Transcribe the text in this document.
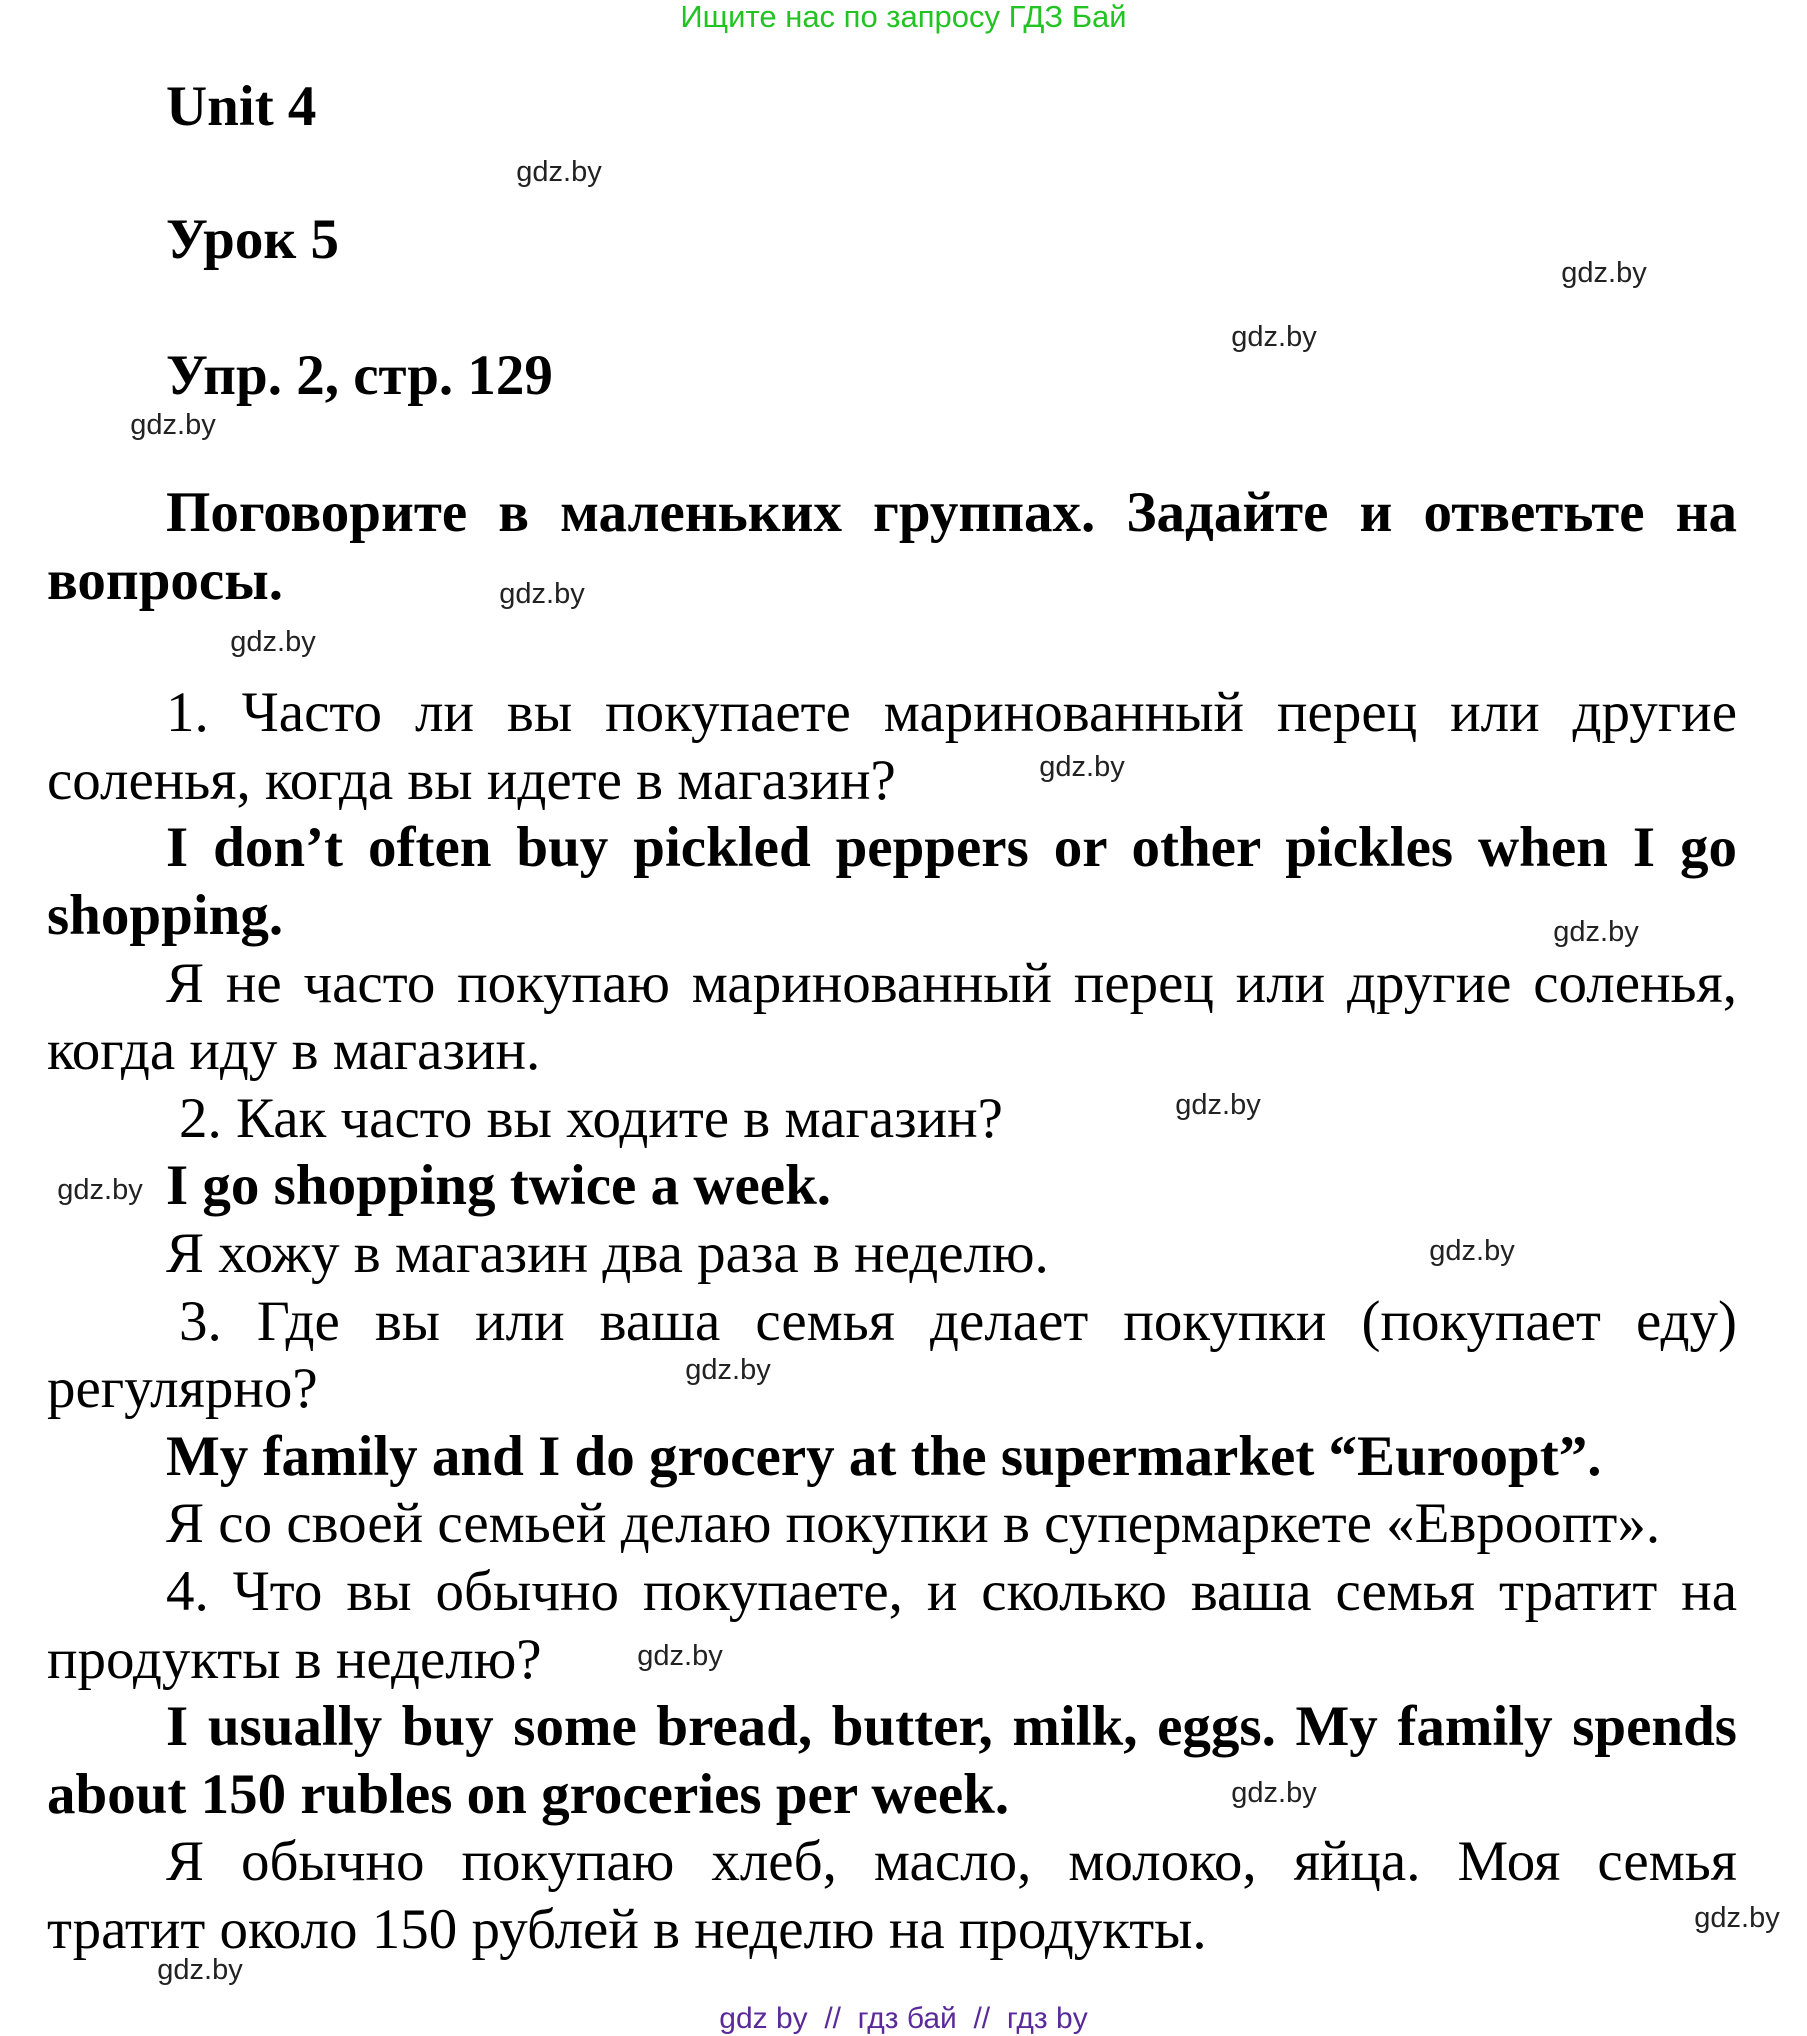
Ищите нас по запросу ГДЗ Бай
Unit 4
Урок 5
Упр. 2, стр. 129
Поговорите в маленьких группах. Задайте и ответьте на
вопросы.
1. Часто ли вы покупаете маринованный перец или другие
соленья, когда вы идете в магазин?
I don’t often buy pickled peppers or other pickles when I go
shopping.
Я не часто покупаю маринованный перец или другие соленья,
когда иду в магазин.
2. Как часто вы ходите в магазин?
I go shopping twice a week.
Я хожу в магазин два раза в неделю.
3. Где вы или ваша семья делает покупки (покупает еду)
регулярно?
My family and I do grocery at the supermarket “Euroopt”.
Я со своей семьей делаю покупки в супермаркете «Евроопт».
4. Что вы обычно покупаете, и сколько ваша семья тратит на
продукты в неделю?
I usually buy some bread, butter, milk, eggs. My family spends
about 150 rubles on groceries per week.
Я обычно покупаю хлеб, масло, молоко, яйца. Моя семья
тратит около 150 рублей в неделю на продукты.
gdz.by
gdz.by
gdz.by
gdz.by
gdz.by
gdz.by
gdz.by
gdz.by
gdz.by
gdz.by
gdz.by
gdz.by
gdz.by
gdz.by
gdz.by
gdz.by
gdz by  //  гдз бай  //  гдз by
